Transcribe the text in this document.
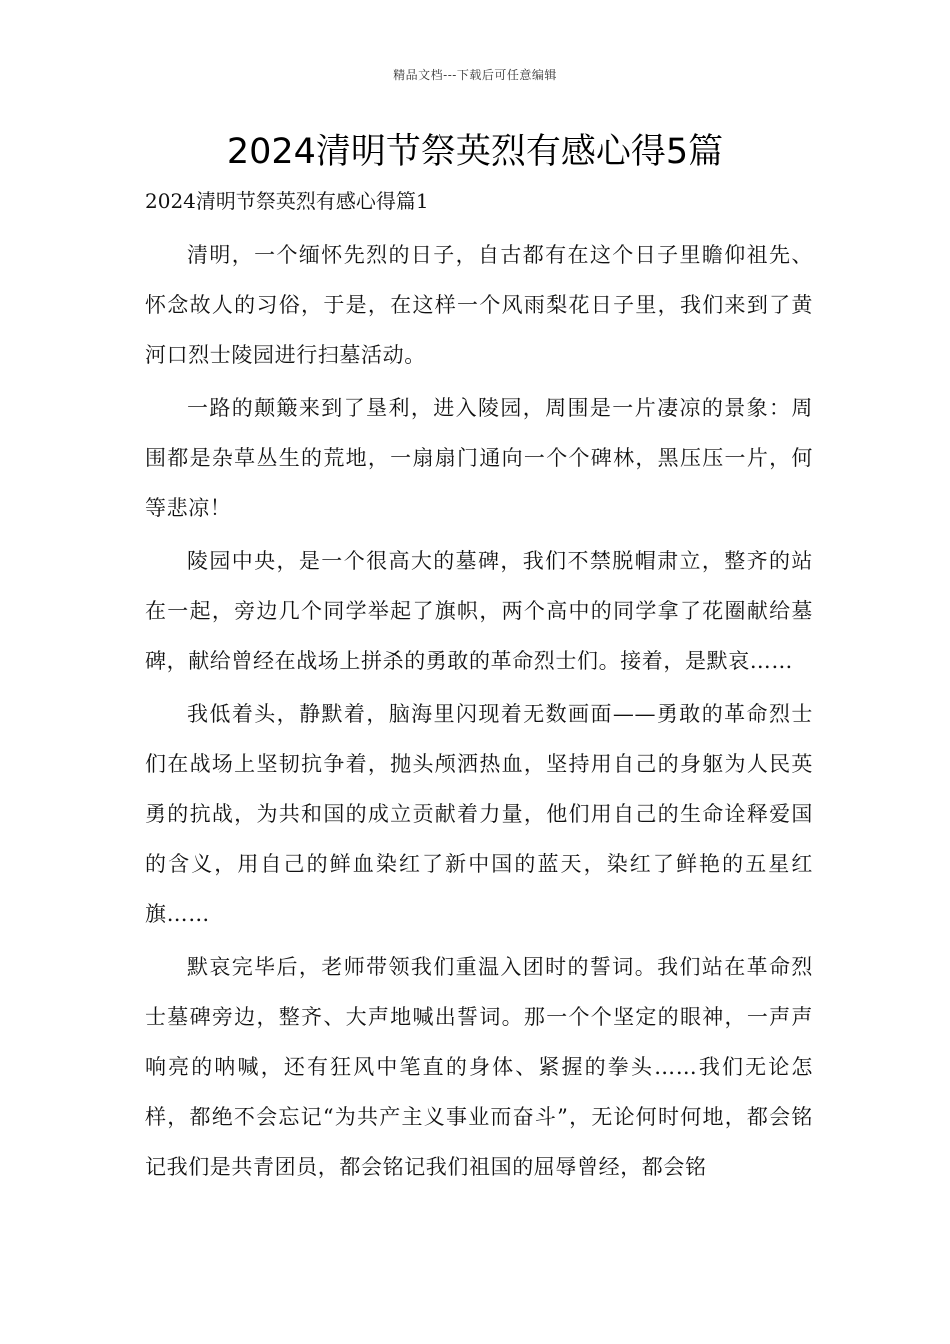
精品文档---下载后可任意编辑
2024清明节祭英烈有感心得5篇
2024清明节祭英烈有感心得篇1

清明，一个缅怀先烈的日子，自古都有在这个日子里瞻仰祖先、怀念故人的习俗，于是，在这样一个风雨梨花日子里，我们来到了黄河口烈士陵园进行扫墓活动。

一路的颠簸来到了垦利，进入陵园，周围是一片凄凉的景象：周围都是杂草丛生的荒地，一扇扇门通向一个个碑林，黑压压一片，何等悲凉！

陵园中央，是一个很高大的墓碑，我们不禁脱帽肃立，整齐的站在一起，旁边几个同学举起了旗帜，两个高中的同学拿了花圈献给墓碑，献给曾经在战场上拼杀的勇敢的革命烈士们。接着，是默哀……

我低着头，静默着，脑海里闪现着无数画面——勇敢的革命烈士们在战场上坚韧抗争着，抛头颅洒热血，坚持用自己的身躯为人民英勇的抗战，为共和国的成立贡献着力量，他们用自己的生命诠释爱国的含义，用自己的鲜血染红了新中国的蓝天，染红了鲜艳的五星红旗……

默哀完毕后，老师带领我们重温入团时的誓词。我们站在革命烈士墓碑旁边，整齐、大声地喊出誓词。那一个个坚定的眼神，一声声响亮的呐喊，还有狂风中笔直的身体、紧握的拳头……我们无论怎样，都绝不会忘记“为共产主义事业而奋斗”，无论何时何地，都会铭记我们是共青团员，都会铭记我们祖国的屈辱曾经，都会铭
